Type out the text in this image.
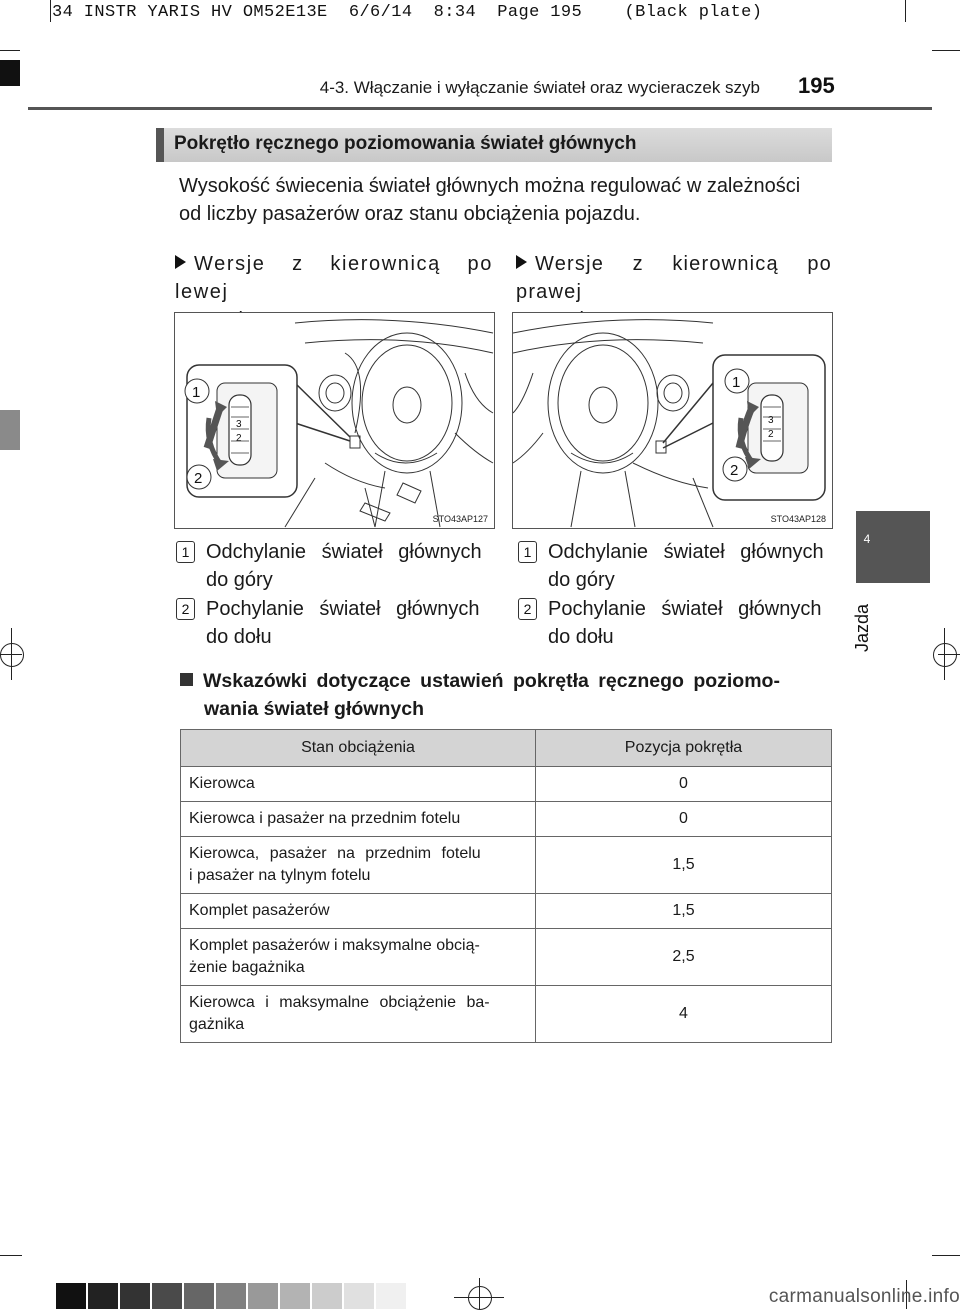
34 INSTR YARIS HV OM52E13E  6/6/14  8:34  Page 195    (Black plate)
4-3. Włączanie i wyłączanie świateł oraz wycieraczek szyb 195
4
Jazda
Pokrętło ręcznego poziomowania świateł głównych
Wysokość świecenia świateł głównych można regulować w zależności
od liczby pasażerów oraz stanu obciążenia pojazdu.
Wersje z kierownicą po lewej
Wersje z kierownicą po prawej
3
2
1
2
STO43AP127
3
2
1
2
STO43AP128
1 Odchylanie świateł głównych
do góry
2 Pochylanie świateł głównych
do dołu
1 Odchylanie świateł głównych
do góry
2 Pochylanie świateł głównych
do dołu
Wskazówki dotyczące ustawień pokrętła ręcznego poziomo-
wania świateł głównych
Stan obciążenia	Pozycja pokrętła
Kierowca	0
Kierowca i pasażer na przednim fotelu	0

Kierowca, pasażer na przednim fotelu
i pasażer na tylnym fotelu	1,5
Komplet pasażerów	1,5

Komplet pasażerów i maksymalne obcią-
żenie bagażnika	2,5

Kierowca i maksymalne obciążenie ba-
gażnika	4
carmanualsonline.info
